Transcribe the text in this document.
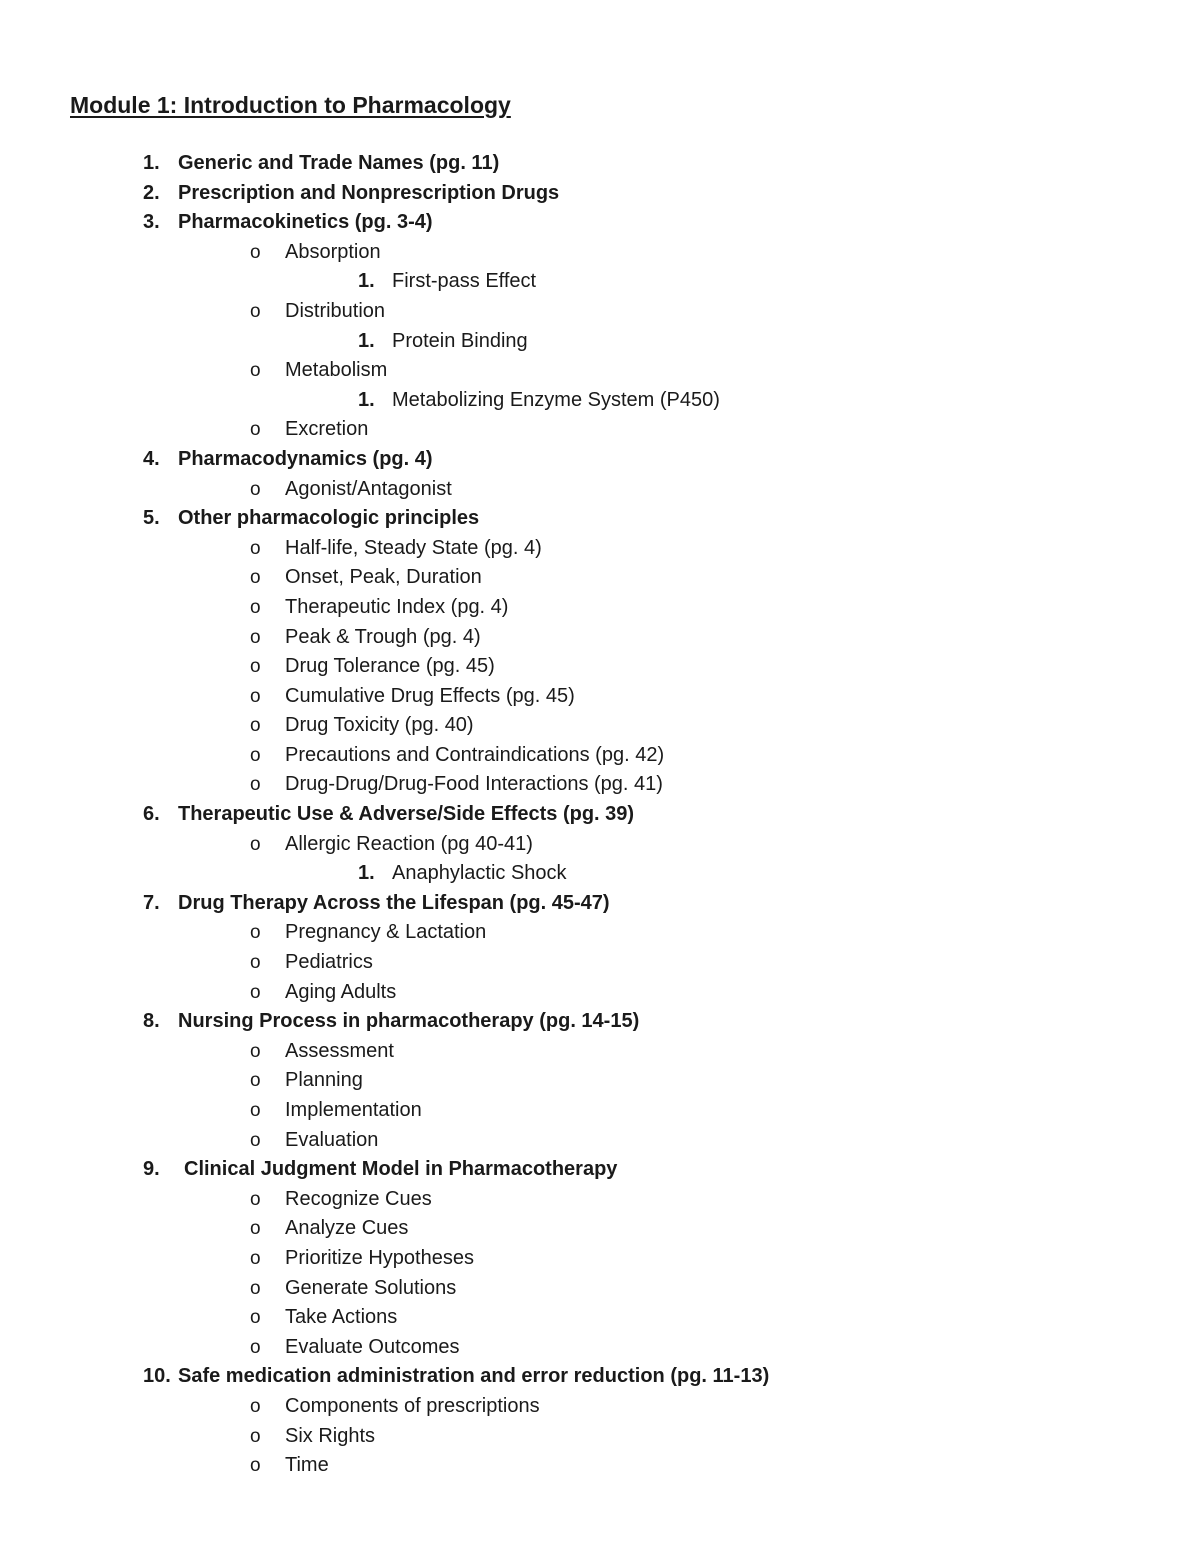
Module 1: Introduction to Pharmacology
1. Generic and Trade Names (pg. 11)
2. Prescription and Nonprescription Drugs
3. Pharmacokinetics (pg. 3-4)
o Absorption
1. First-pass Effect
o Distribution
1. Protein Binding
o Metabolism
1. Metabolizing Enzyme System (P450)
o Excretion
4. Pharmacodynamics (pg. 4)
o Agonist/Antagonist
5. Other pharmacologic principles
o Half-life, Steady State (pg. 4)
o Onset, Peak, Duration
o Therapeutic Index (pg. 4)
o Peak & Trough (pg. 4)
o Drug Tolerance (pg. 45)
o Cumulative Drug Effects (pg. 45)
o Drug Toxicity (pg. 40)
o Precautions and Contraindications (pg. 42)
o Drug-Drug/Drug-Food Interactions (pg. 41)
6. Therapeutic Use & Adverse/Side Effects (pg. 39)
o Allergic Reaction (pg 40-41)
1. Anaphylactic Shock
7. Drug Therapy Across the Lifespan (pg. 45-47)
o Pregnancy & Lactation
o Pediatrics
o Aging Adults
8. Nursing Process in pharmacotherapy (pg. 14-15)
o Assessment
o Planning
o Implementation
o Evaluation
9. Clinical Judgment Model in Pharmacotherapy
o Recognize Cues
o Analyze Cues
o Prioritize Hypotheses
o Generate Solutions
o Take Actions
o Evaluate Outcomes
10. Safe medication administration and error reduction (pg. 11-13)
o Components of prescriptions
o Six Rights
o Time
